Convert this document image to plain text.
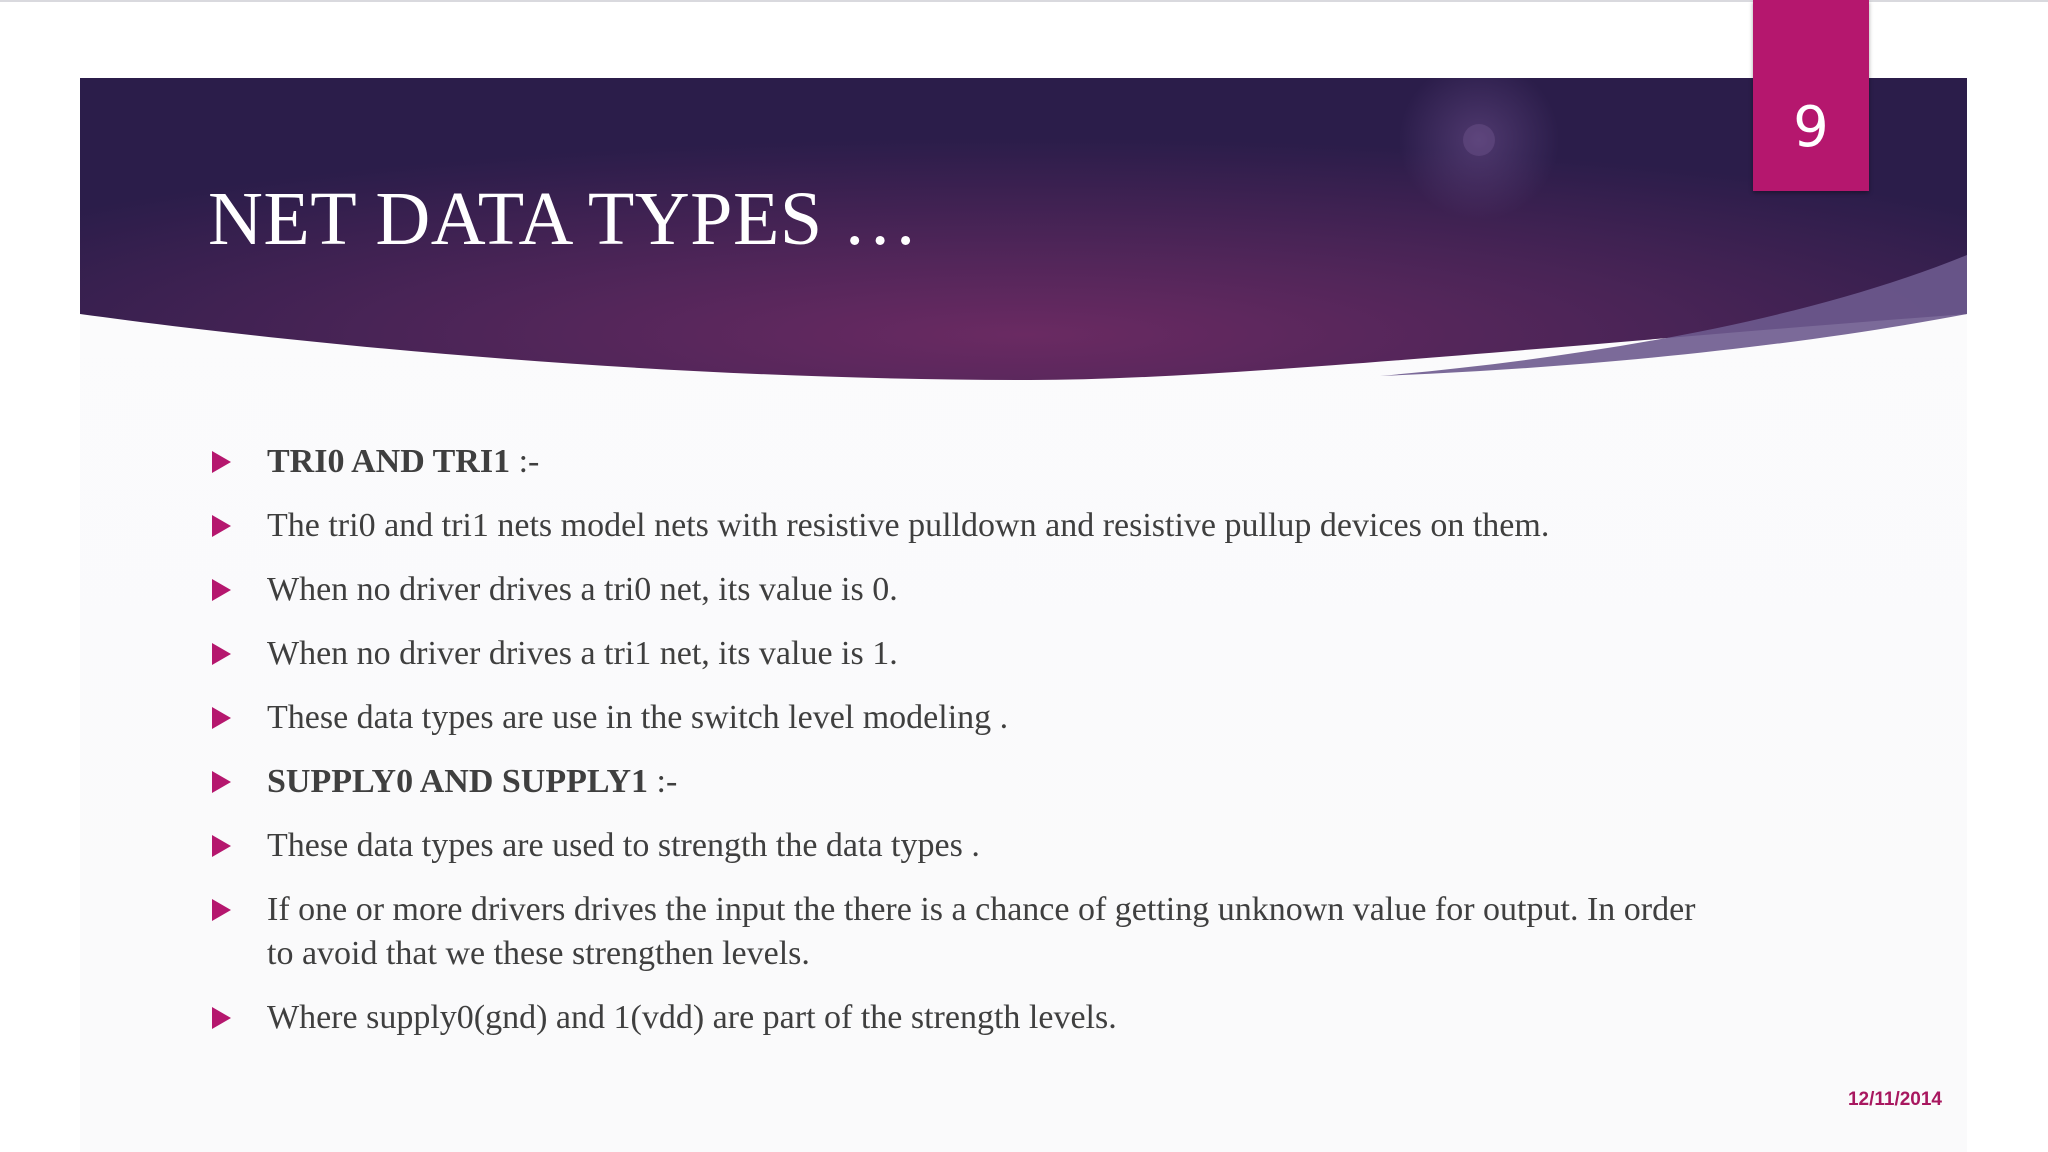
NET DATA TYPES …
9
TRI0 AND TRI1 :-
The tri0 and tri1 nets model nets with resistive pulldown and resistive pullup devices on them.
When no driver drives a tri0 net, its value is 0.
When no driver drives a tri1 net, its value is 1.
These data types are use in the switch level modeling .
SUPPLY0 AND SUPPLY1 :-
These data types are used to strength the data types .
If one or more drivers drives the input the there is a chance of getting unknown value for output. In order to avoid that we these strengthen levels.
Where supply0(gnd) and 1(vdd) are part of the strength levels.
12/11/2014
